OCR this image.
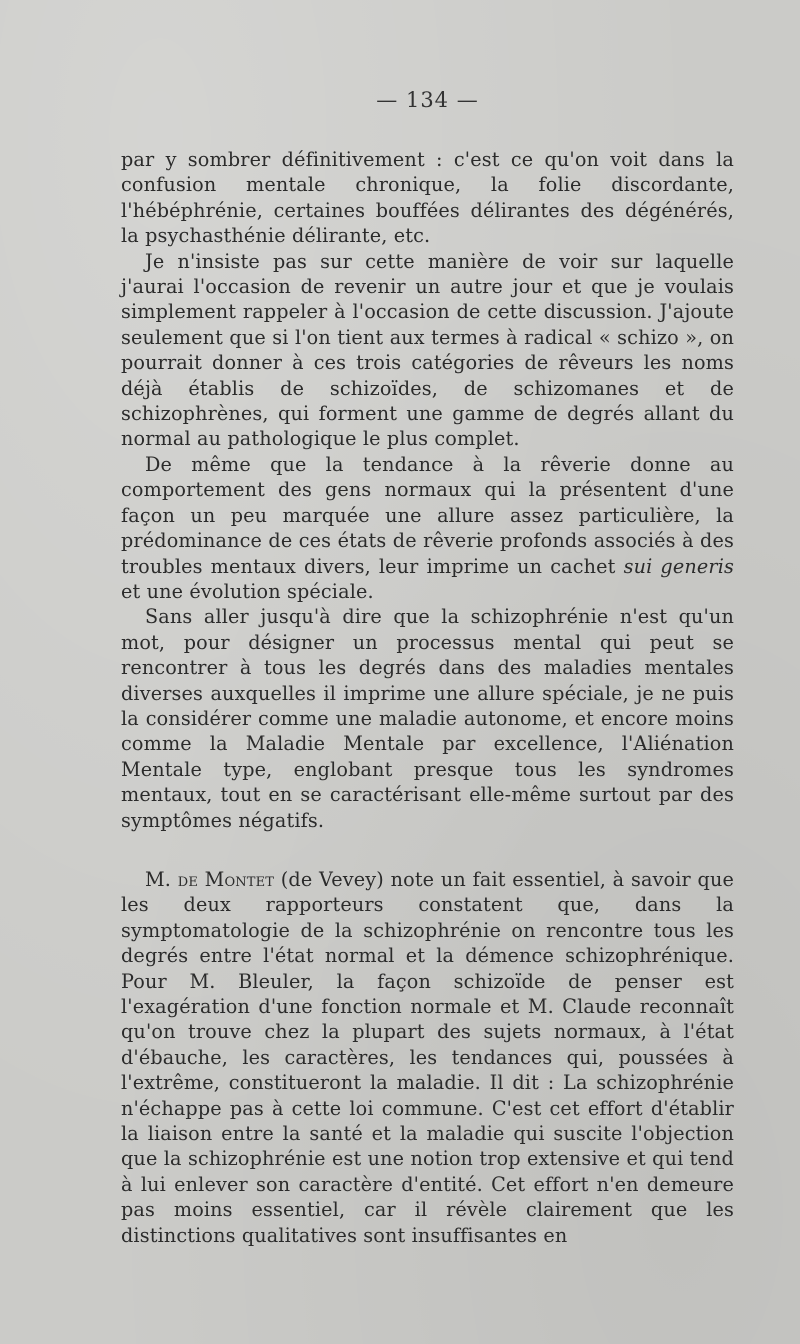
— 134 —

par y sombrer définitivement : c'est ce qu'on voit dans la confusion mentale chronique, la folie discordante, l'hébéphrénie, certaines bouffées délirantes des dégénérés, la psychasthénie délirante, etc.

Je n'insiste pas sur cette manière de voir sur laquelle j'aurai l'occasion de revenir un autre jour et que je voulais simplement rappeler à l'occasion de cette discussion. J'ajoute seulement que si l'on tient aux termes à radical « schizo », on pourrait donner à ces trois catégories de rêveurs les noms déjà établis de schizoïdes, de schizomanes et de schizophrènes, qui forment une gamme de degrés allant du normal au pathologique le plus complet.

De même que la tendance à la rêverie donne au comportement des gens normaux qui la présentent d'une façon un peu marquée une allure assez particulière, la prédominance de ces états de rêverie profonds associés à des troubles mentaux divers, leur imprime un cachet sui generis et une évolution spéciale.

Sans aller jusqu'à dire que la schizophrénie n'est qu'un mot, pour désigner un processus mental qui peut se rencontrer à tous les degrés dans des maladies mentales diverses auxquelles il imprime une allure spéciale, je ne puis la considérer comme une maladie autonome, et encore moins comme la Maladie Mentale par excellence, l'Aliénation Mentale type, englobant presque tous les syndromes mentaux, tout en se caractérisant elle-même surtout par des symptômes négatifs.

M. de Montet (de Vevey) note un fait essentiel, à savoir que les deux rapporteurs constatent que, dans la symptomatologie de la schizophrénie on rencontre tous les degrés entre l'état normal et la démence schizophrénique. Pour M. Bleuler, la façon schizoïde de penser est l'exagération d'une fonction normale et M. Claude reconnaît qu'on trouve chez la plupart des sujets normaux, à l'état d'ébauche, les caractères, les tendances qui, poussées à l'extrême, constitueront la maladie. Il dit : La schizophrénie n'échappe pas à cette loi commune. C'est cet effort d'établir la liaison entre la santé et la maladie qui suscite l'objection que la schizophrénie est une notion trop extensive et qui tend à lui enlever son caractère d'entité. Cet effort n'en demeure pas moins essentiel, car il révèle clairement que les distinctions qualitatives sont insuffisantes en
